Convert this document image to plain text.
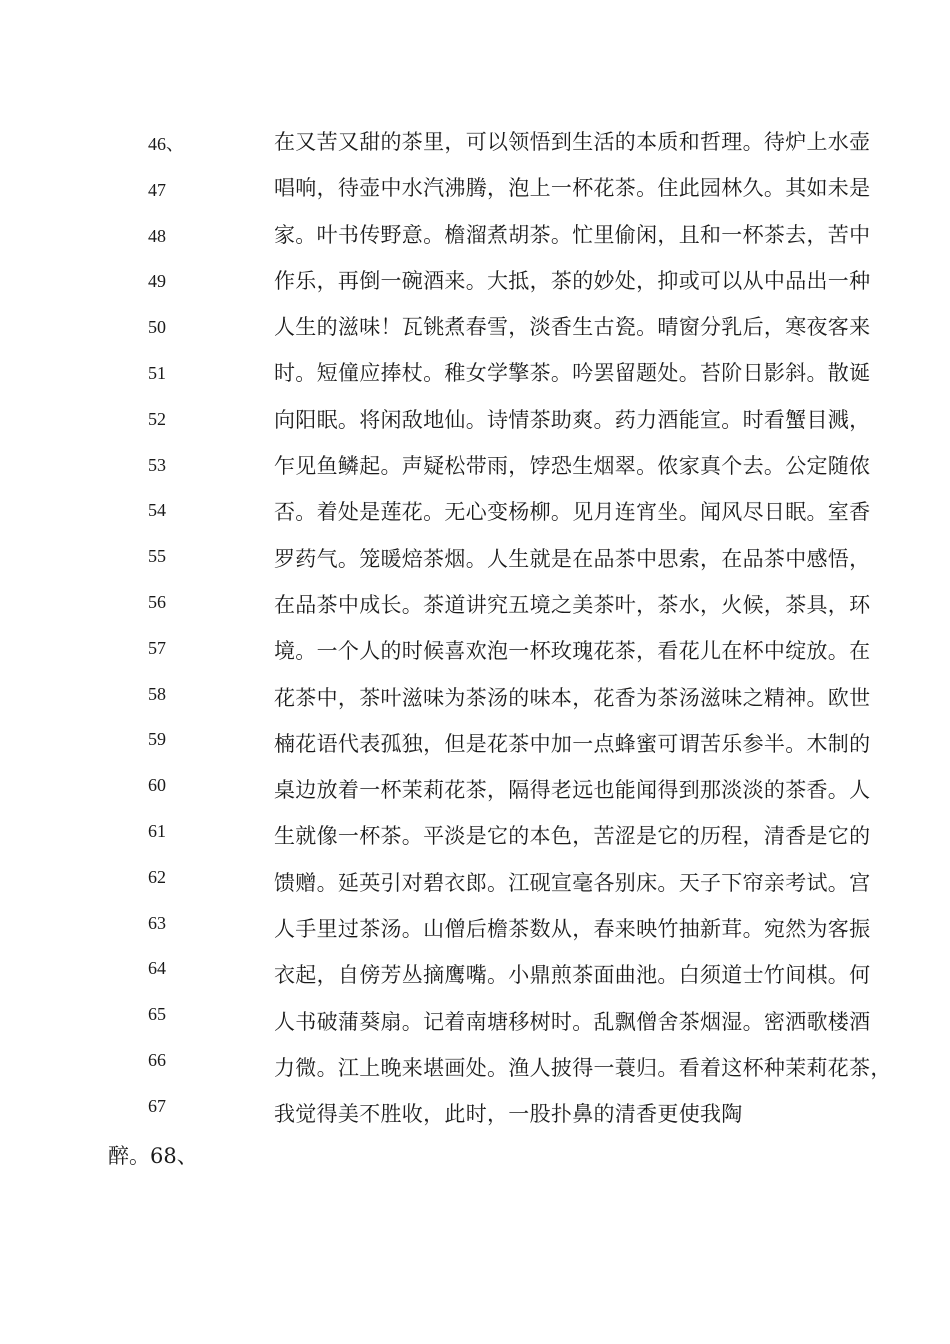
46、
47
48
49
50
51
52
53
54
55
56
57
58
59
60
61
62
63
64
65
66
67
在又苦又甜的茶里，可以领悟到生活的本质和哲理。待炉上水壶
唱响，待壶中水汽沸腾，泡上一杯花茶。住此园林久。其如未是
家。叶书传野意。檐溜煮胡茶。忙里偷闲，且和一杯茶去，苦中
作乐，再倒一碗酒来。大抵，茶的妙处，抑或可以从中品出一种
人生的滋味！瓦铫煮春雪，淡香生古瓷。晴窗分乳后，寒夜客来
时。短僮应捧杖。稚女学擎茶。吟罢留题处。苔阶日影斜。散诞
向阳眠。将闲敌地仙。诗情茶助爽。药力酒能宣。时看蟹目溅，
乍见鱼鳞起。声疑松带雨，饽恐生烟翠。侬家真个去。公定随侬
否。着处是莲花。无心变杨柳。见月连宵坐。闻风尽日眠。室香
罗药气。笼暖焙茶烟。人生就是在品茶中思索，在品茶中感悟，
在品茶中成长。茶道讲究五境之美茶叶，茶水，火候，茶具，环
境。一个人的时候喜欢泡一杯玫瑰花茶，看花儿在杯中绽放。在
花茶中，茶叶滋味为茶汤的味本，花香为茶汤滋味之精神。欧世
楠花语代表孤独，但是花茶中加一点蜂蜜可谓苦乐参半。木制的
桌边放着一杯茉莉花茶，隔得老远也能闻得到那淡淡的茶香。人
生就像一杯茶。平淡是它的本色，苦涩是它的历程，清香是它的
馈赠。延英引对碧衣郎。江砚宣毫各别床。天子下帘亲考试。宫
人手里过茶汤。山僧后檐茶数从，春来映竹抽新茸。宛然为客振
衣起，自傍芳丛摘鹰嘴。小鼎煎茶面曲池。白须道士竹间棋。何
人书破蒲葵扇。记着南塘移树时。乱飘僧舍茶烟湿。密洒歌楼酒
力微。江上晚来堪画处。渔人披得一蓑归。看着这杯种茉莉花茶，
我觉得美不胜收，此时，一股扑鼻的清香更使我陶
醉。68、
